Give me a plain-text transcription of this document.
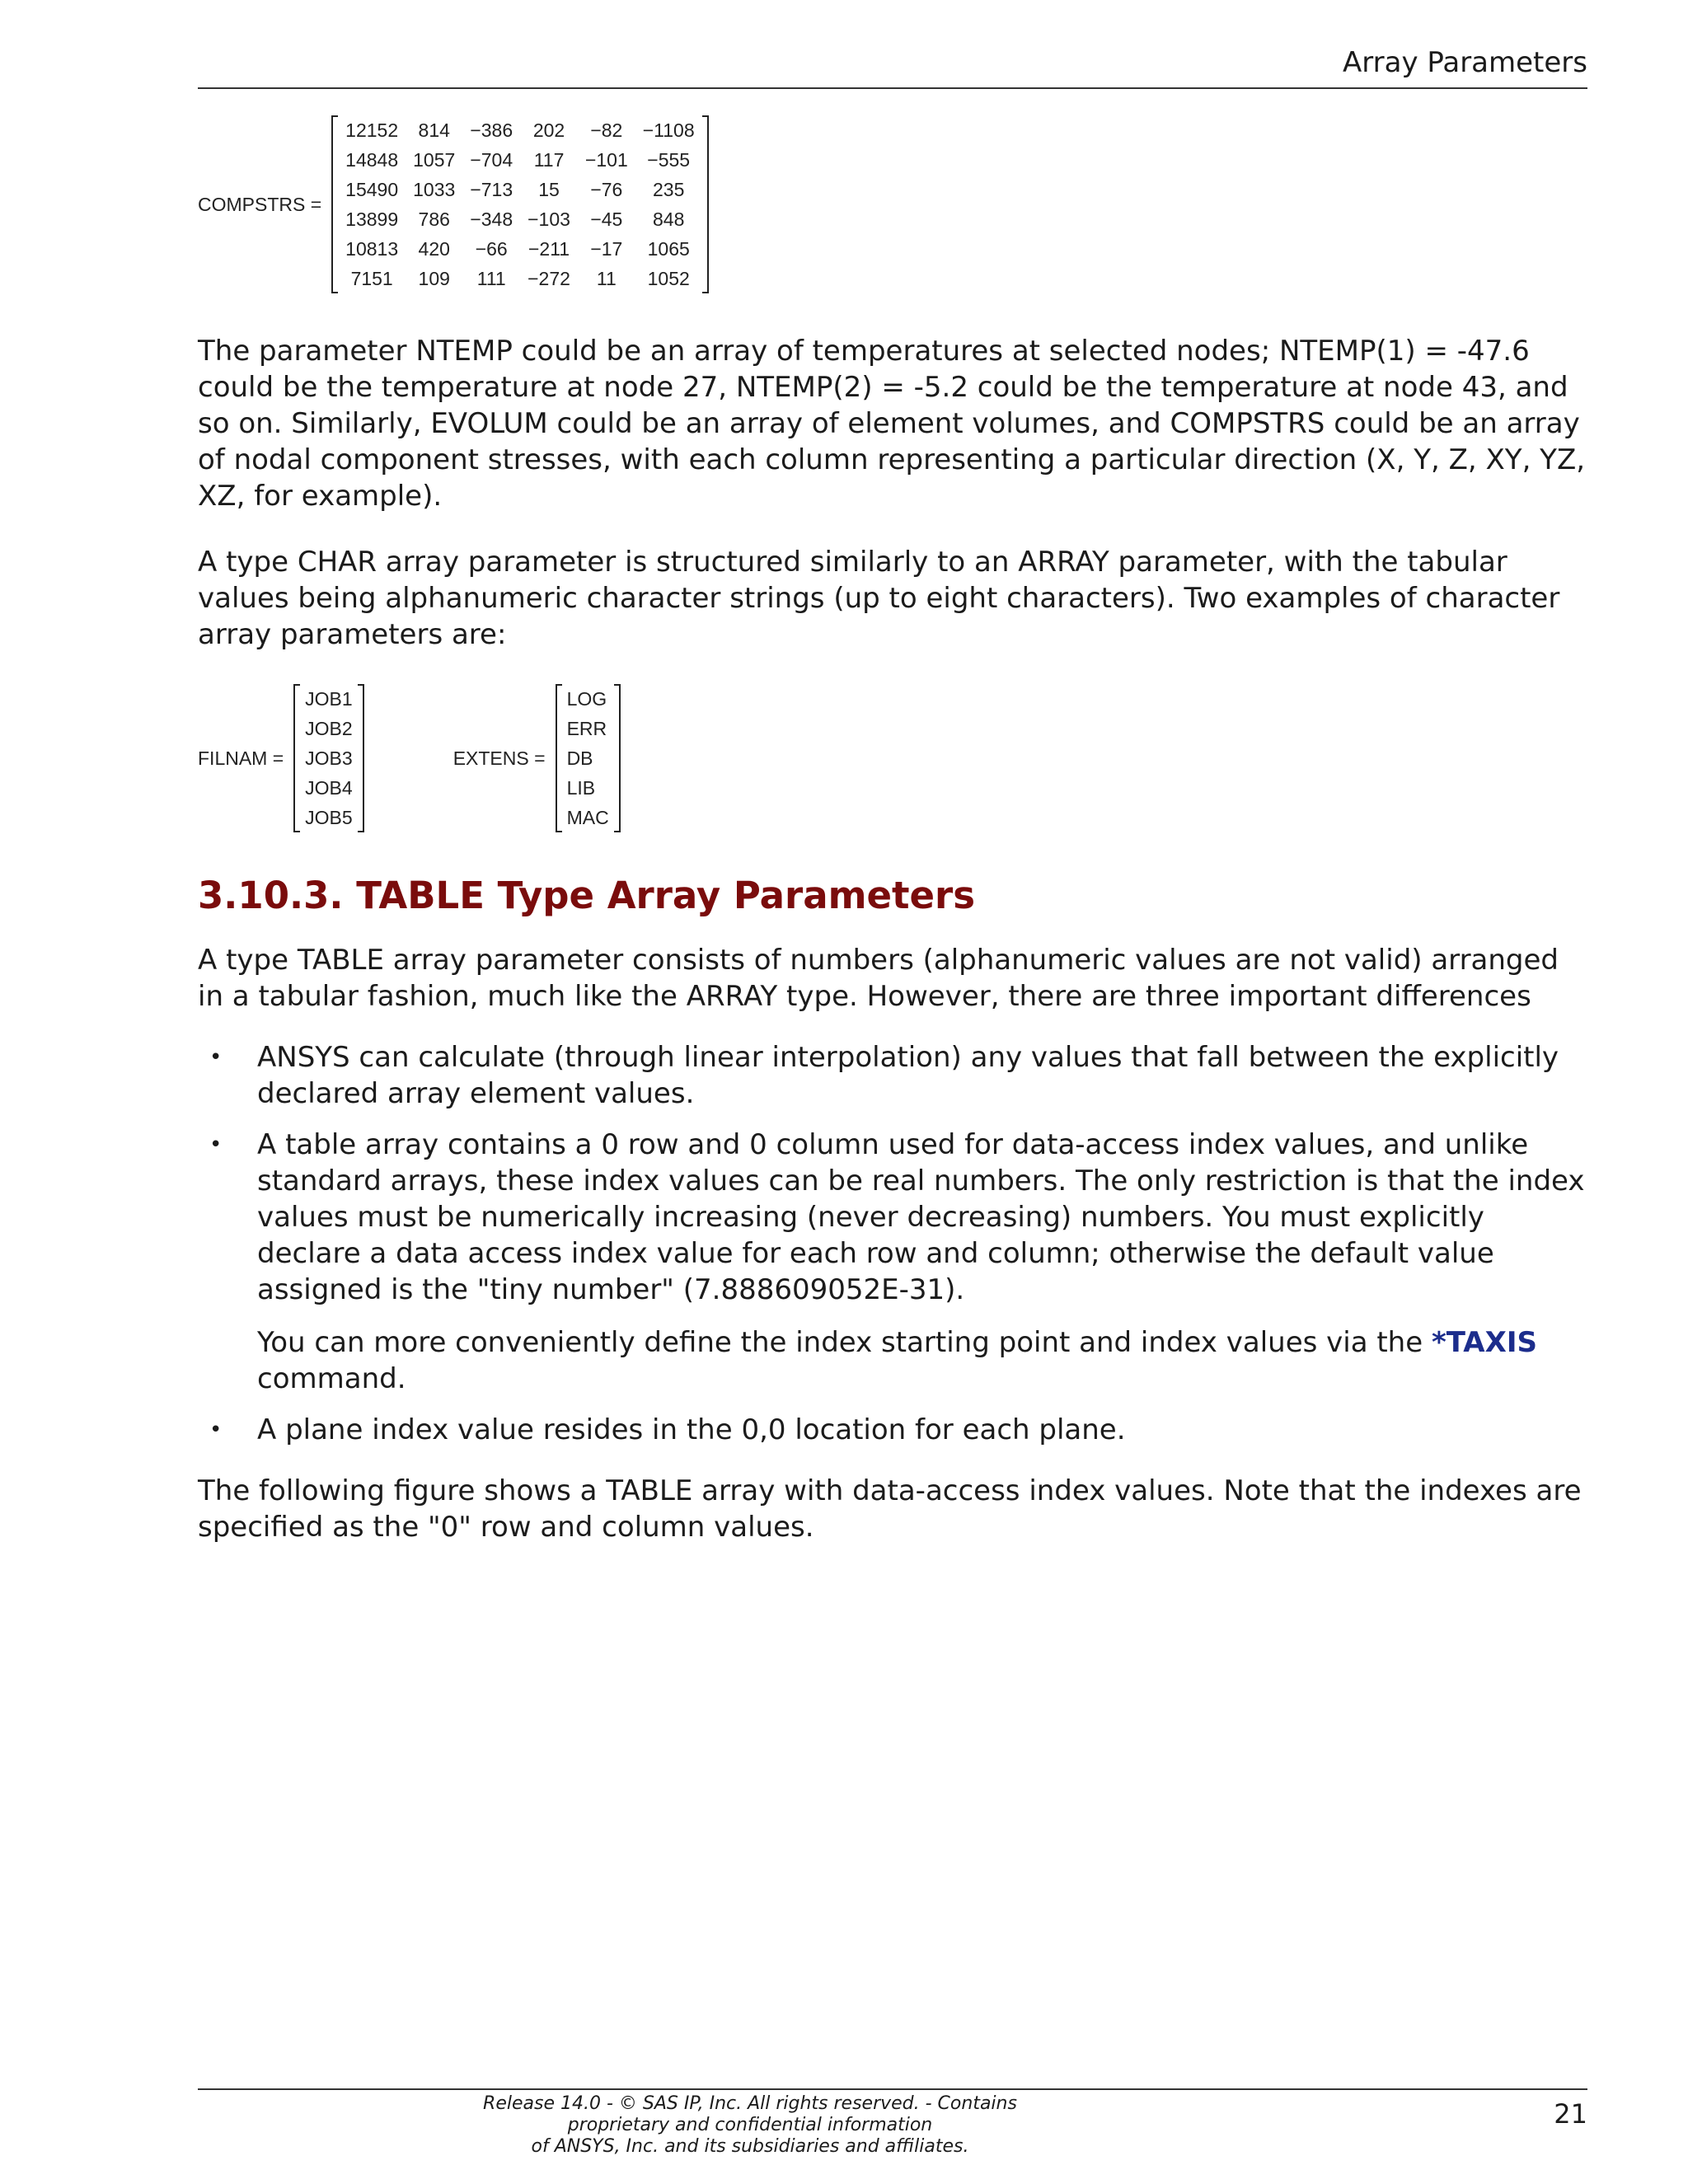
Array Parameters
COMPSTRS =
12152	814	−386	202	−82	−1108
14848	1057	−704	117	−101	−555
15490	1033	−713	15	−76	235
13899	786	−348	−103	−45	848
10813	420	−66	−211	−17	1065
7151	109	111	−272	11	1052

The parameter NTEMP could be an array of temperatures at selected nodes; NTEMP(1) = -47.6 could be the temperature at node 27, NTEMP(2) = -5.2 could be the temperature at node 43, and so on. Similarly, EVOLUM could be an array of element volumes, and COMPSTRS could be an array of nodal component stresses, with each column representing a particular direction (X, Y, Z, XY, YZ, XZ, for example).

A type CHAR array parameter is structured similarly to an ARRAY parameter, with the tabular values being alphanumeric character strings (up to eight characters). Two examples of character array parameters are:

FILNAM =
JOB1
JOB2
JOB3
JOB4
JOB5
EXTENS =
LOG
ERR
DB
LIB
MAC
3.10.3. TABLE Type Array Parameters

A type TABLE array parameter consists of numbers (alphanumeric values are not valid) arranged in a tabular fashion, much like the ARRAY type. However, there are three important differences

• ANSYS can calculate (through linear interpolation) any values that fall between the explicitly declared array element values.
• A table array contains a 0 row and 0 column used for data-access index values, and unlike standard arrays, these index values can be real numbers. The only restriction is that the index values must be numerically increasing (never decreasing) numbers. You must explicitly declare a data access index value for each row and column; otherwise the default value assigned is the "tiny number" (7.888609052E-31).
You can more conveniently define the index starting point and index values via the *TAXIS command.
• A plane index value resides in the 0,0 location for each plane.

The following figure shows a TABLE array with data-access index values. Note that the indexes are specified as the "0" row and column values.

Release 14.0 - © SAS IP, Inc. All rights reserved. - Contains proprietary and confidential information
of ANSYS, Inc. and its subsidiaries and affiliates.
21
